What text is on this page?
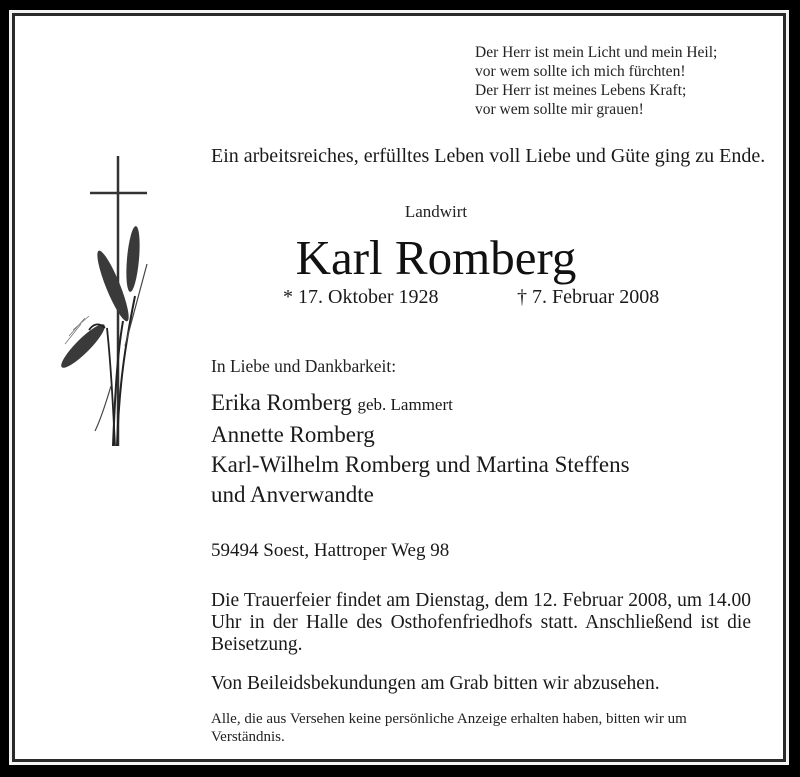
Der Herr ist mein Licht und mein Heil;
vor wem sollte ich mich fürchten!
Der Herr ist meines Lebens Kraft;
vor wem sollte mir grauen!
Ein arbeitsreiches, erfülltes Leben voll Liebe und Güte ging zu Ende.
Landwirt
Karl Romberg
* 17. Oktober 1928	† 7. Februar 2008
In Liebe und Dankbarkeit:
Erika Romberg geb. Lammert
Annette Romberg
Karl-Wilhelm Romberg und Martina Steffens
und Anverwandte
59494 Soest, Hattroper Weg 98
Die Trauerfeier findet am Dienstag, dem 12. Februar 2008, um 14.00 Uhr in der Halle des Osthofenfriedhofs statt. Anschließend ist die Beisetzung.
Von Beileidsbekundungen am Grab bitten wir abzusehen.
Alle, die aus Versehen keine persönliche Anzeige erhalten haben, bitten wir um Verständnis.
